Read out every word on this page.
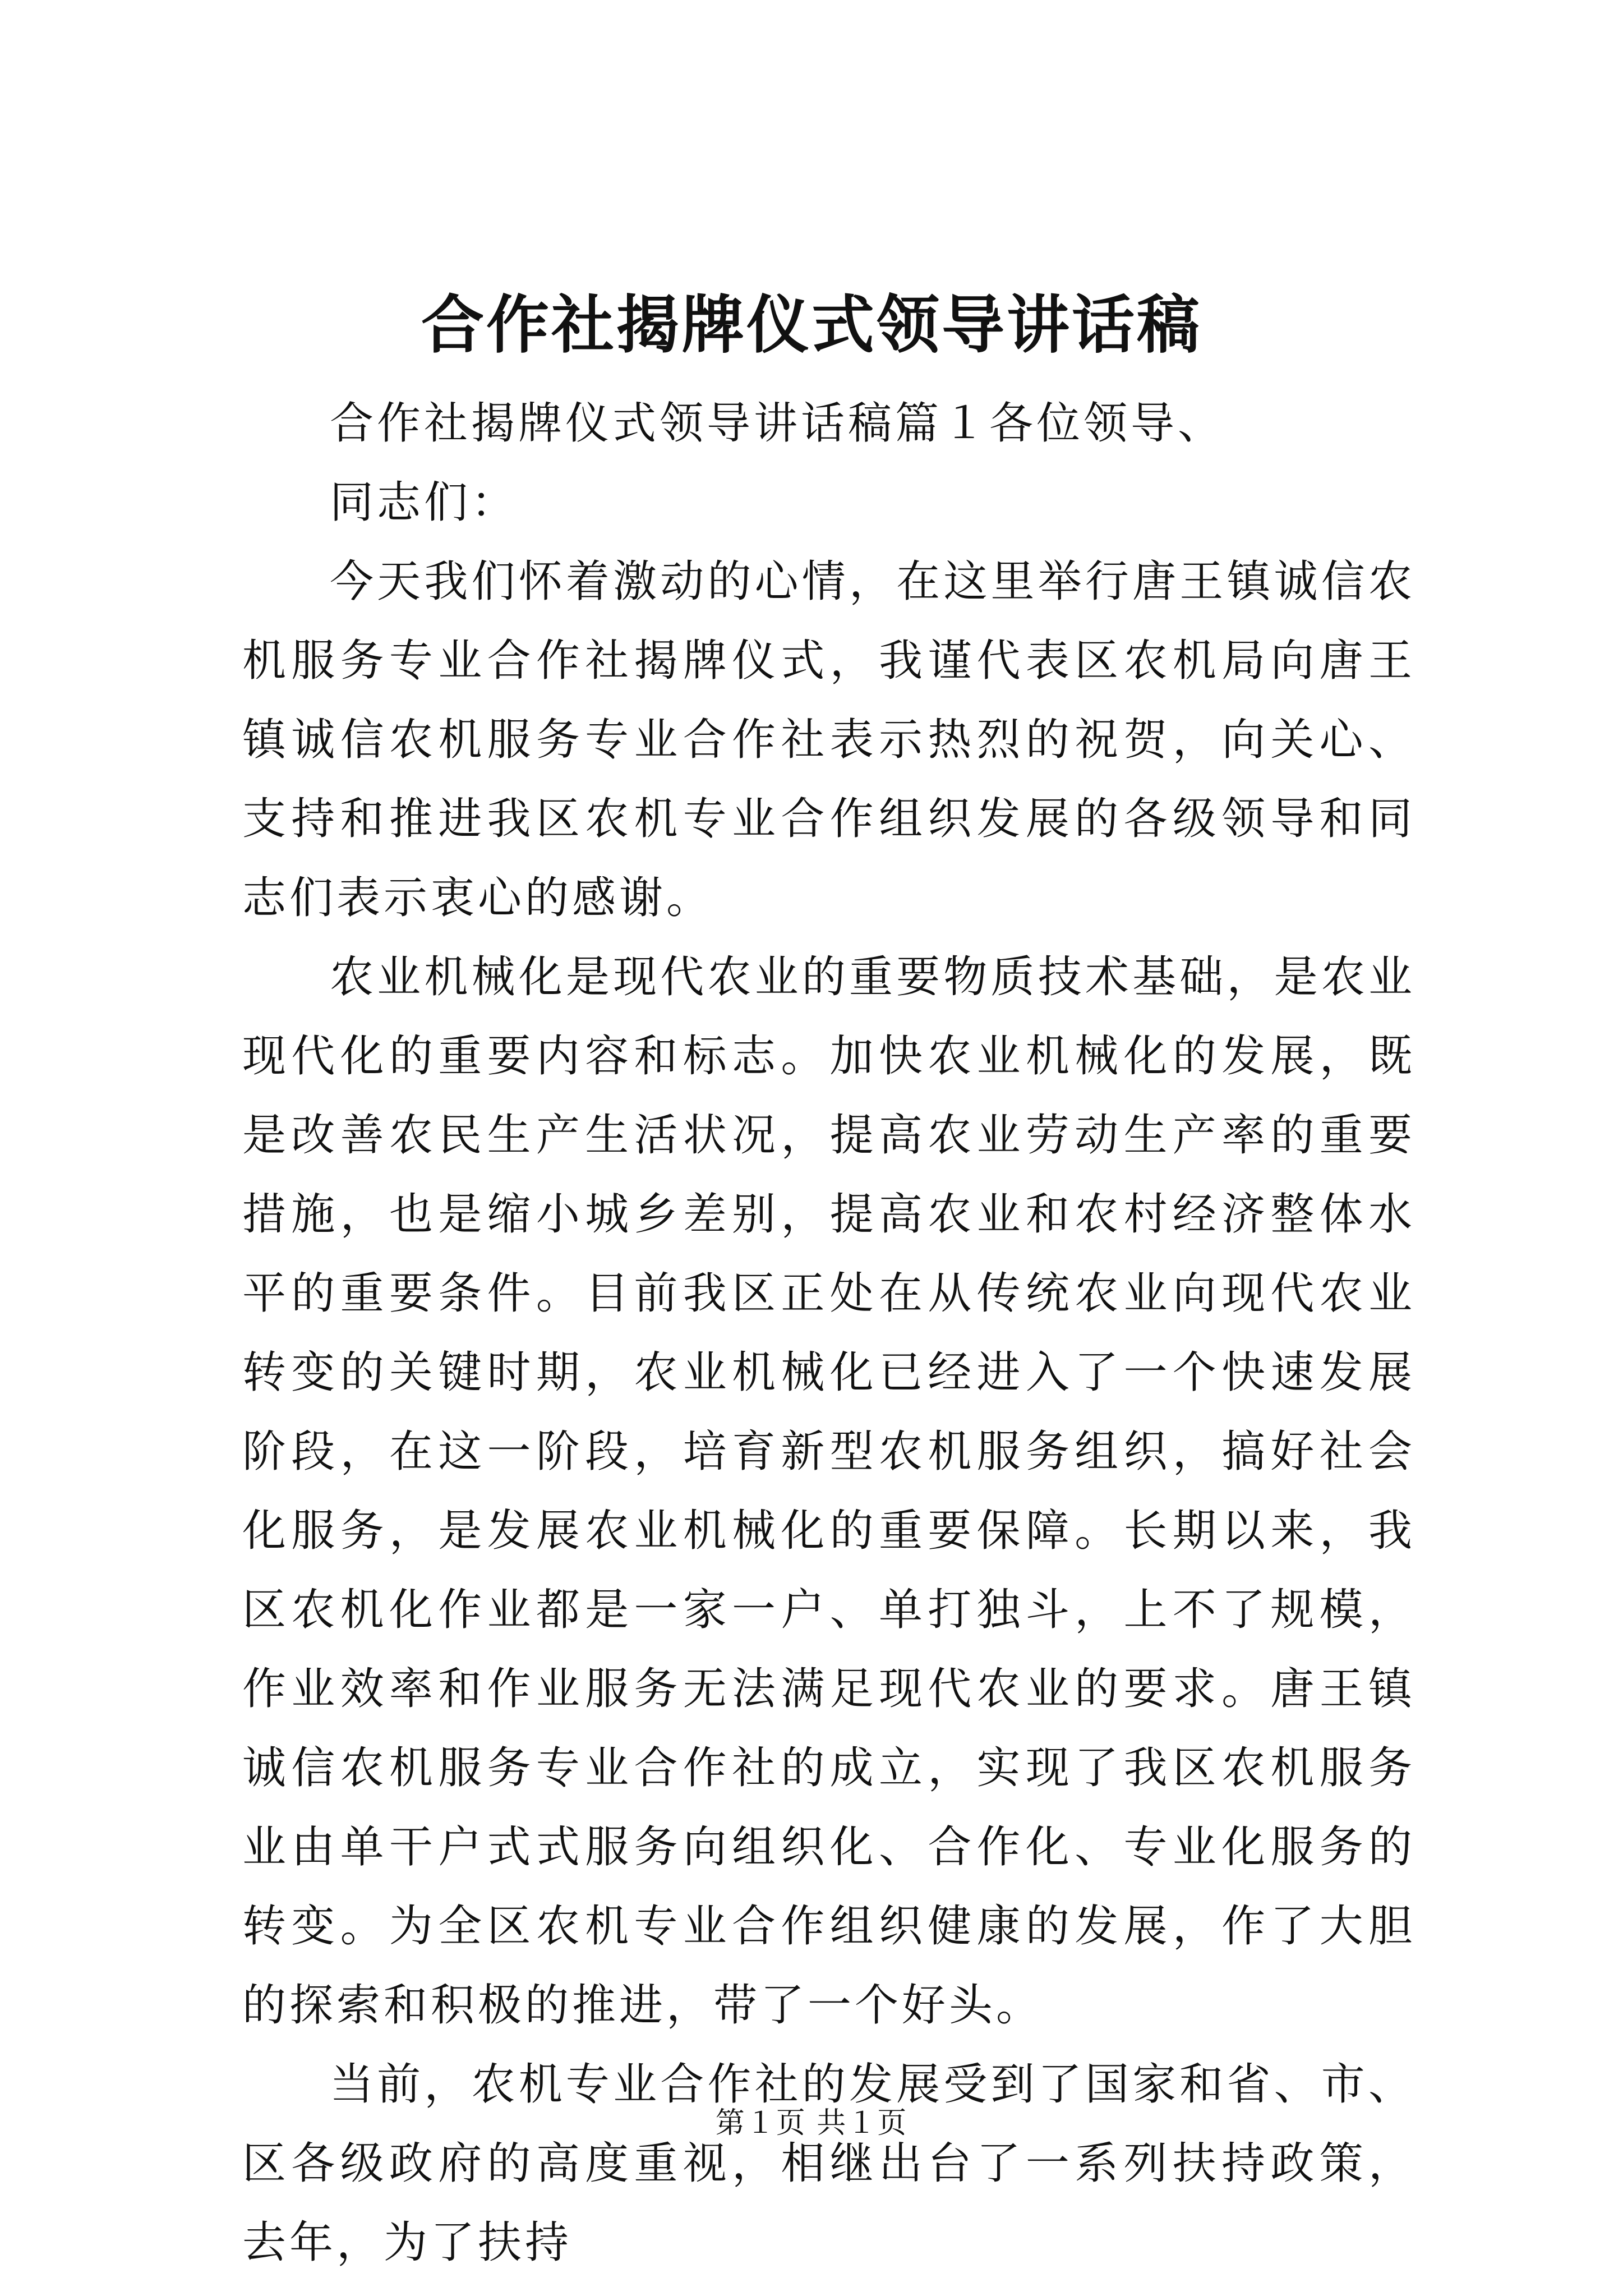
合作社揭牌仪式领导讲话稿

合作社揭牌仪式领导讲话稿篇１各位领导、

同志们：

今天我们怀着激动的心情，在这里举行唐王镇诚信农机服务专业合作社揭牌仪式，我谨代表区农机局向唐王镇诚信农机服务专业合作社表示热烈的祝贺，向关心、支持和推进我区农机专业合作组织发展的各级领导和同志们表示衷心的感谢。

农业机械化是现代农业的重要物质技术基础，是农业现代化的重要内容和标志。加快农业机械化的发展，既是改善农民生产生活状况，提高农业劳动生产率的重要措施，也是缩小城乡差别，提高农业和农村经济整体水平的重要条件。目前我区正处在从传统农业向现代农业转变的关键时期，农业机械化已经进入了一个快速发展阶段，在这一阶段，培育新型农机服务组织，搞好社会化服务，是发展农业机械化的重要保障。长期以来，我区农机化作业都是一家一户、单打独斗，上不了规模，作业效率和作业服务无法满足现代农业的要求。唐王镇诚信农机服务专业合作社的成立，实现了我区农机服务业由单干户式式服务向组织化、合作化、专业化服务的转变。为全区农机专业合作组织健康的发展，作了大胆的探索和积极的推进，带了一个好头。

当前，农机专业合作社的发展受到了国家和省、市、区各级政府的高度重视，相继出台了一系列扶持政策，去年，为了扶持

第１页 共１页
